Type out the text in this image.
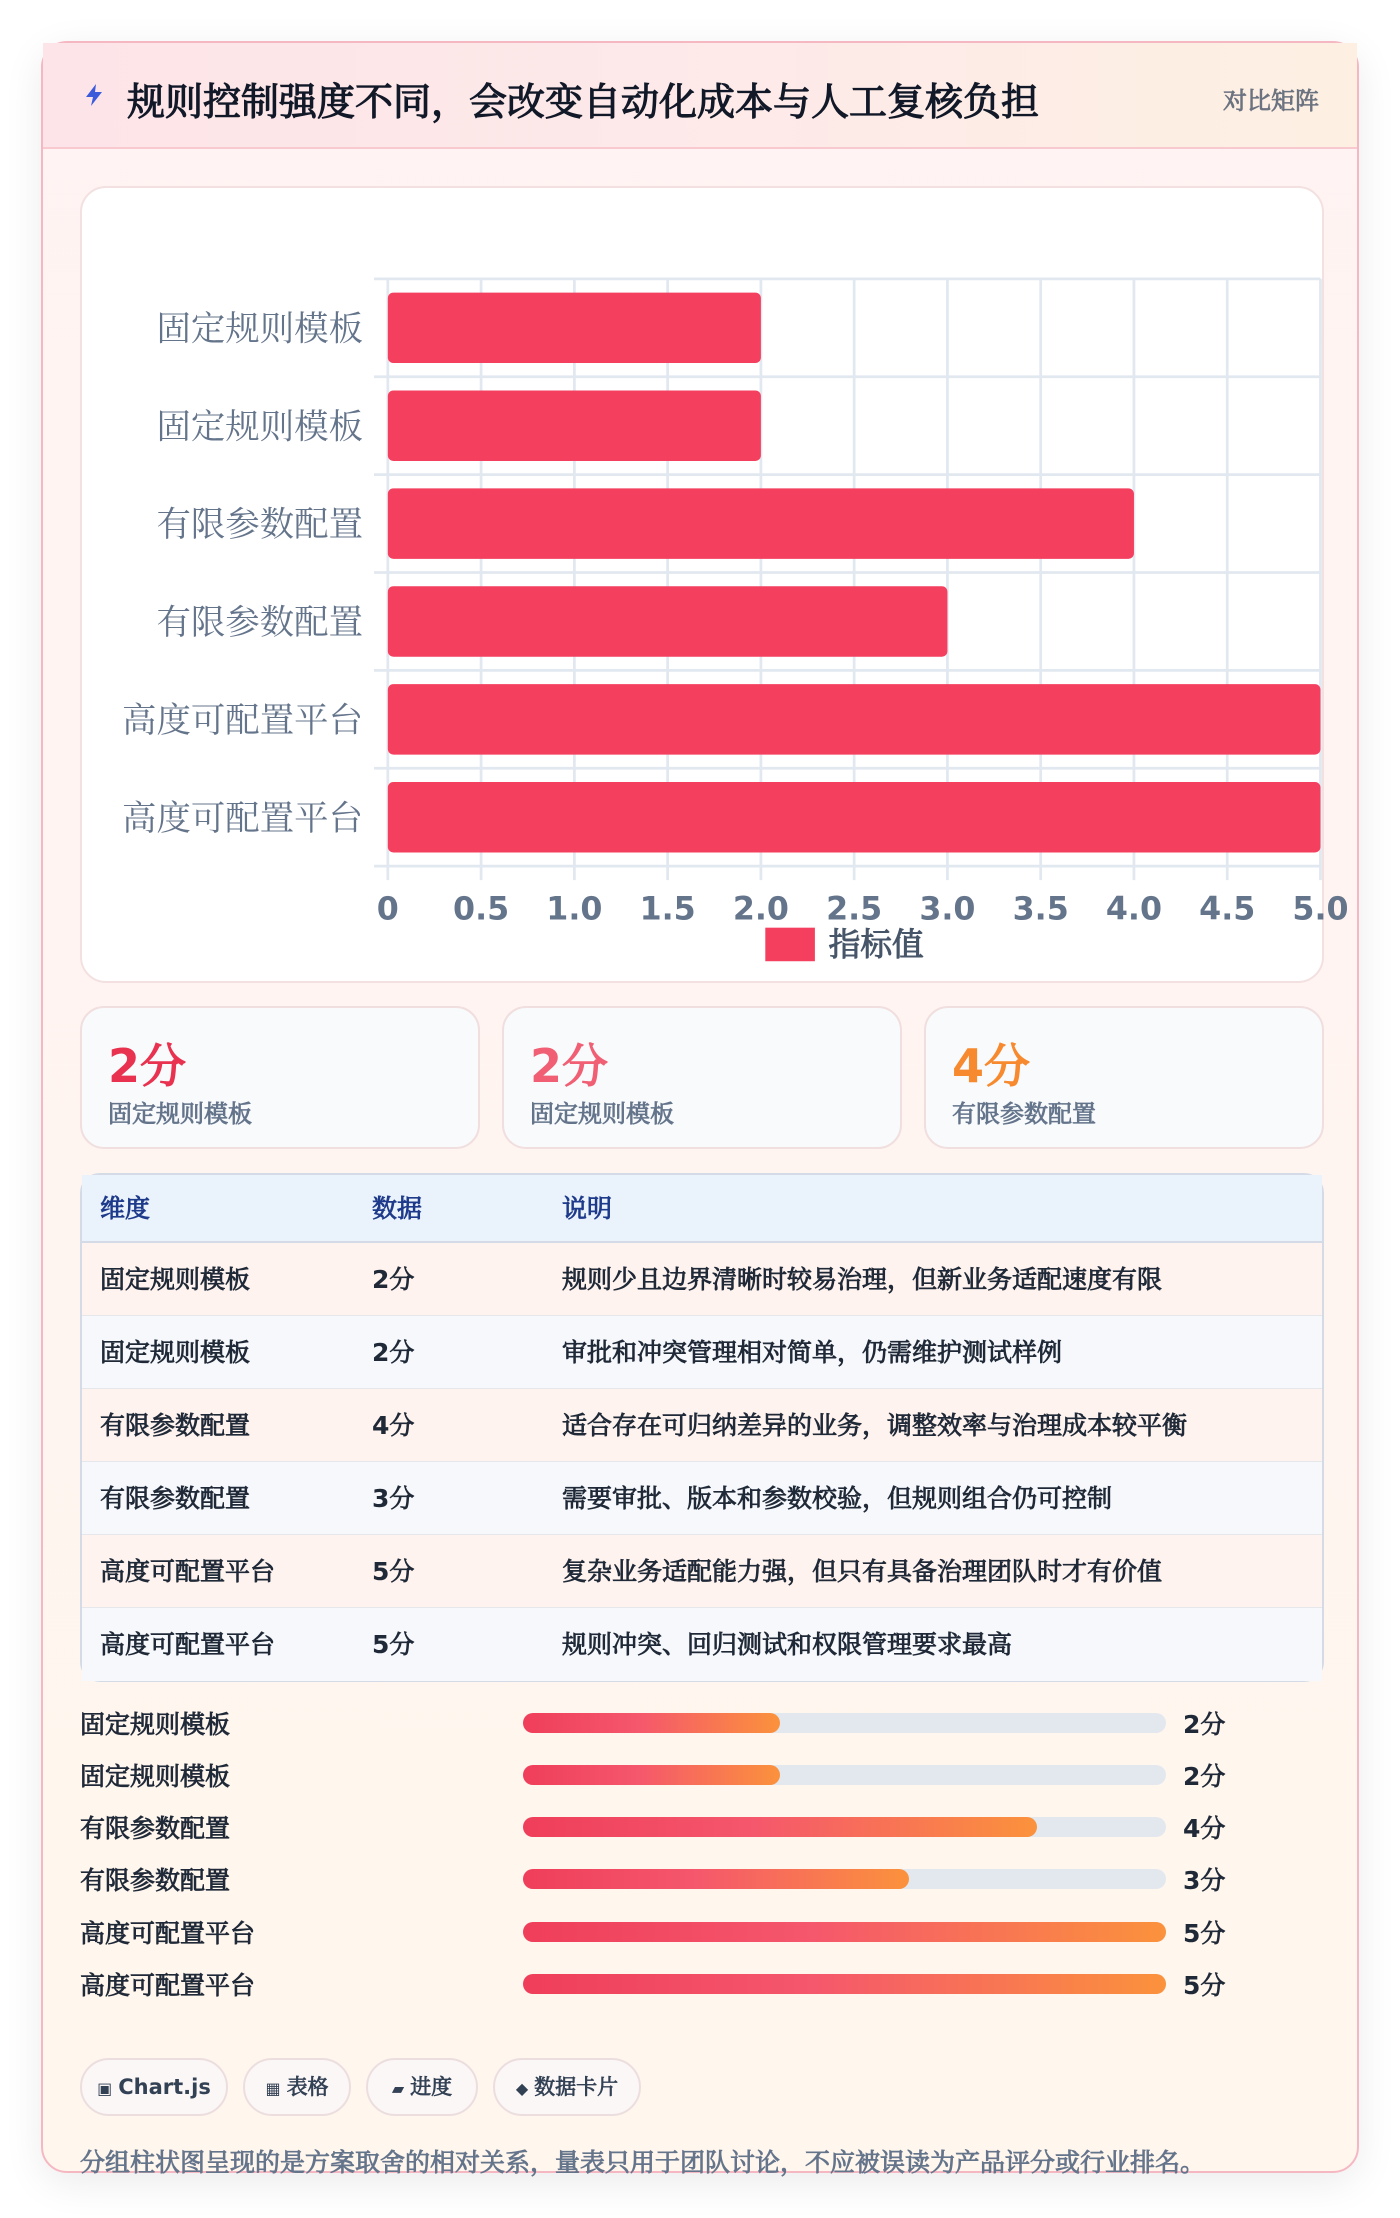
规则控制强度不同，会改变自动化成本与人工复核负担	对比矩阵
0 0.5 1.0 1.5 2.0 2.5 3.0 3.5 4.0 4.5 5.0
固定规则模板
固定规则模板
有限参数配置
有限参数配置
高度可配置平台
高度可配置平台
指标值
2分
固定规则模板
2分
固定规则模板
4分
有限参数配置
维度	数据	说明
固定规则模板	2分	规则少且边界清晰时较易治理，但新业务适配速度有限
固定规则模板	2分	审批和冲突管理相对简单，仍需维护测试样例
有限参数配置	4分	适合存在可归纳差异的业务，调整效率与治理成本较平衡
有限参数配置	3分	需要审批、版本和参数校验，但规则组合仍可控制
高度可配置平台	5分	复杂业务适配能力强，但只有具备治理团队时才有价值
高度可配置平台	5分	规则冲突、回归测试和权限管理要求最高
固定规则模板	2分
固定规则模板	2分
有限参数配置	4分
有限参数配置	3分
高度可配置平台	5分
高度可配置平台	5分
▣ Chart.js	▦ 表格	▰ 进度	◆ 数据卡片
分组柱状图呈现的是方案取舍的相对关系，量表只用于团队讨论，不应被误读为产品评分或行业排名。
